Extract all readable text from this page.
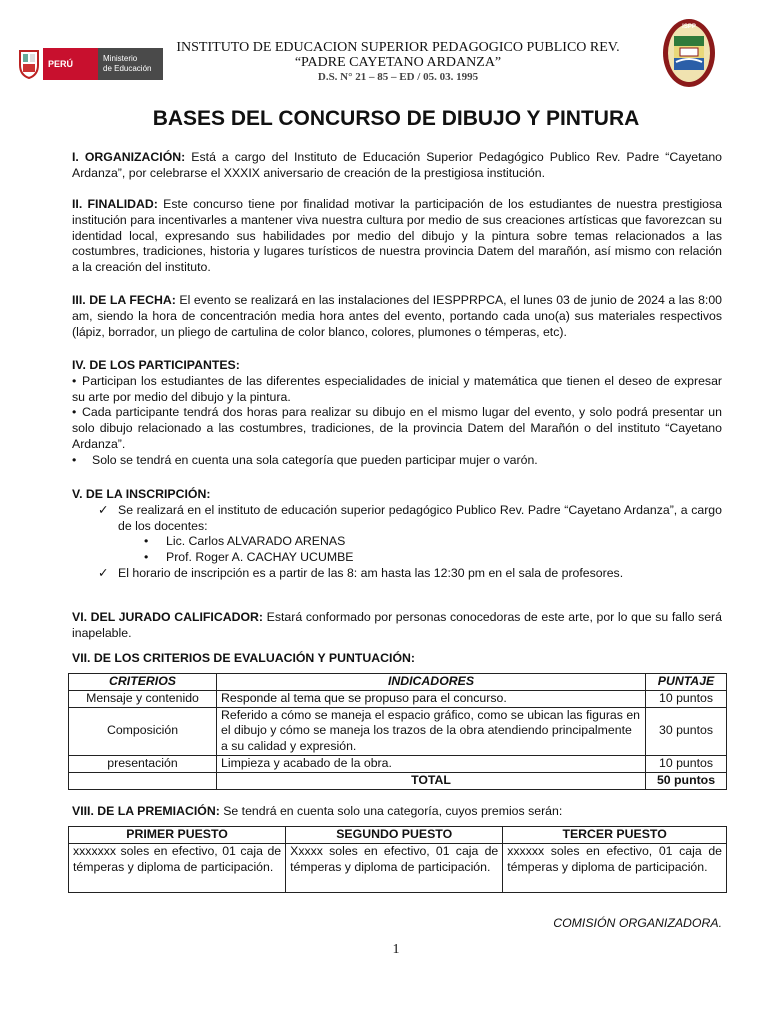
PERÚ
Ministerio
de Educación
INSTITUTO DE EDUCACION SUPERIOR PEDAGOGICO PUBLICO REV.
“PADRE CAYETANO ARDANZA”
D.S. N° 21 – 85 – ED / 05. 03. 1995
ISPP
BASES DEL CONCURSO DE DIBUJO Y PINTURA
I. ORGANIZACIÓN: Está a cargo del Instituto de Educación Superior Pedagógico Publico Rev. Padre “Cayetano Ardanza”, por celebrarse el XXXIX aniversario de creación de la prestigiosa institución.
II. FINALIDAD: Este concurso tiene por finalidad motivar la participación de los estudiantes de nuestra prestigiosa institución para incentivarles a mantener viva nuestra cultura por medio de sus creaciones artísticas que favorezcan su identidad local, expresando sus habilidades por medio del dibujo y la pintura sobre temas relacionados a las costumbres, tradiciones, historia y lugares turísticos de nuestra provincia Datem del marañón, así mismo con relación a la creación del instituto.
III. DE LA FECHA: El evento se realizará en las instalaciones del IESPPRPCA, el lunes 03 de junio de 2024 a las 8:00 am, siendo la hora de concentración media hora antes del evento, portando cada uno(a) sus materiales respectivos (lápiz, borrador, un pliego de cartulina de color blanco, colores, plumones o témperas, etc).
IV. DE LOS PARTICIPANTES:
• Participan los estudiantes de las diferentes especialidades de inicial y matemática que tienen el deseo de expresar su arte por medio del dibujo y la pintura.
• Cada participante tendrá dos horas para realizar su dibujo en el mismo lugar del evento, y solo podrá presentar un solo dibujo relacionado a las costumbres, tradiciones, de la provincia Datem del Marañón o del instituto “Cayetano Ardanza”.
• Solo se tendrá en cuenta una sola categoría que pueden participar mujer o varón.
V. DE LA INSCRIPCIÓN:
✓ Se realizará en el instituto de educación superior pedagógico Publico Rev. Padre “Cayetano Ardanza”, a cargo de los docentes:
• Lic. Carlos ALVARADO ARENAS
• Prof. Roger A. CACHAY UCUMBE
✓ El horario de inscripción es a partir de las 8: am hasta las 12:30 pm en el sala de profesores.
VI. DEL JURADO CALIFICADOR: Estará conformado por personas conocedoras de este arte, por lo que su fallo será inapelable.
VII. DE LOS CRITERIOS DE EVALUACIÓN Y PUNTUACIÓN:
CRITERIOS	INDICADORES	PUNTAJE
Mensaje y contenido	Responde al tema que se propuso para el concurso.	10 puntos
Composición	Referido a cómo se maneja el espacio gráfico, como se ubican las figuras en el dibujo y cómo se maneja los trazos de la obra atendiendo principalmente a su calidad y expresión.	30 puntos
presentación	Limpieza y acabado de la obra.	10 puntos
	TOTAL	50 puntos
VIII. DE LA PREMIACIÓN: Se tendrá en cuenta solo una categoría, cuyos premios serán:
PRIMER PUESTO	SEGUNDO PUESTO	TERCER PUESTO
xxxxxxx soles en efectivo, 01 caja de témperas y diploma de participación.	Xxxxx soles en efectivo, 01 caja de témperas y diploma de participación.	xxxxxx soles en efectivo, 01 caja de témperas y diploma de participación.
COMISIÓN ORGANIZADORA.
1
